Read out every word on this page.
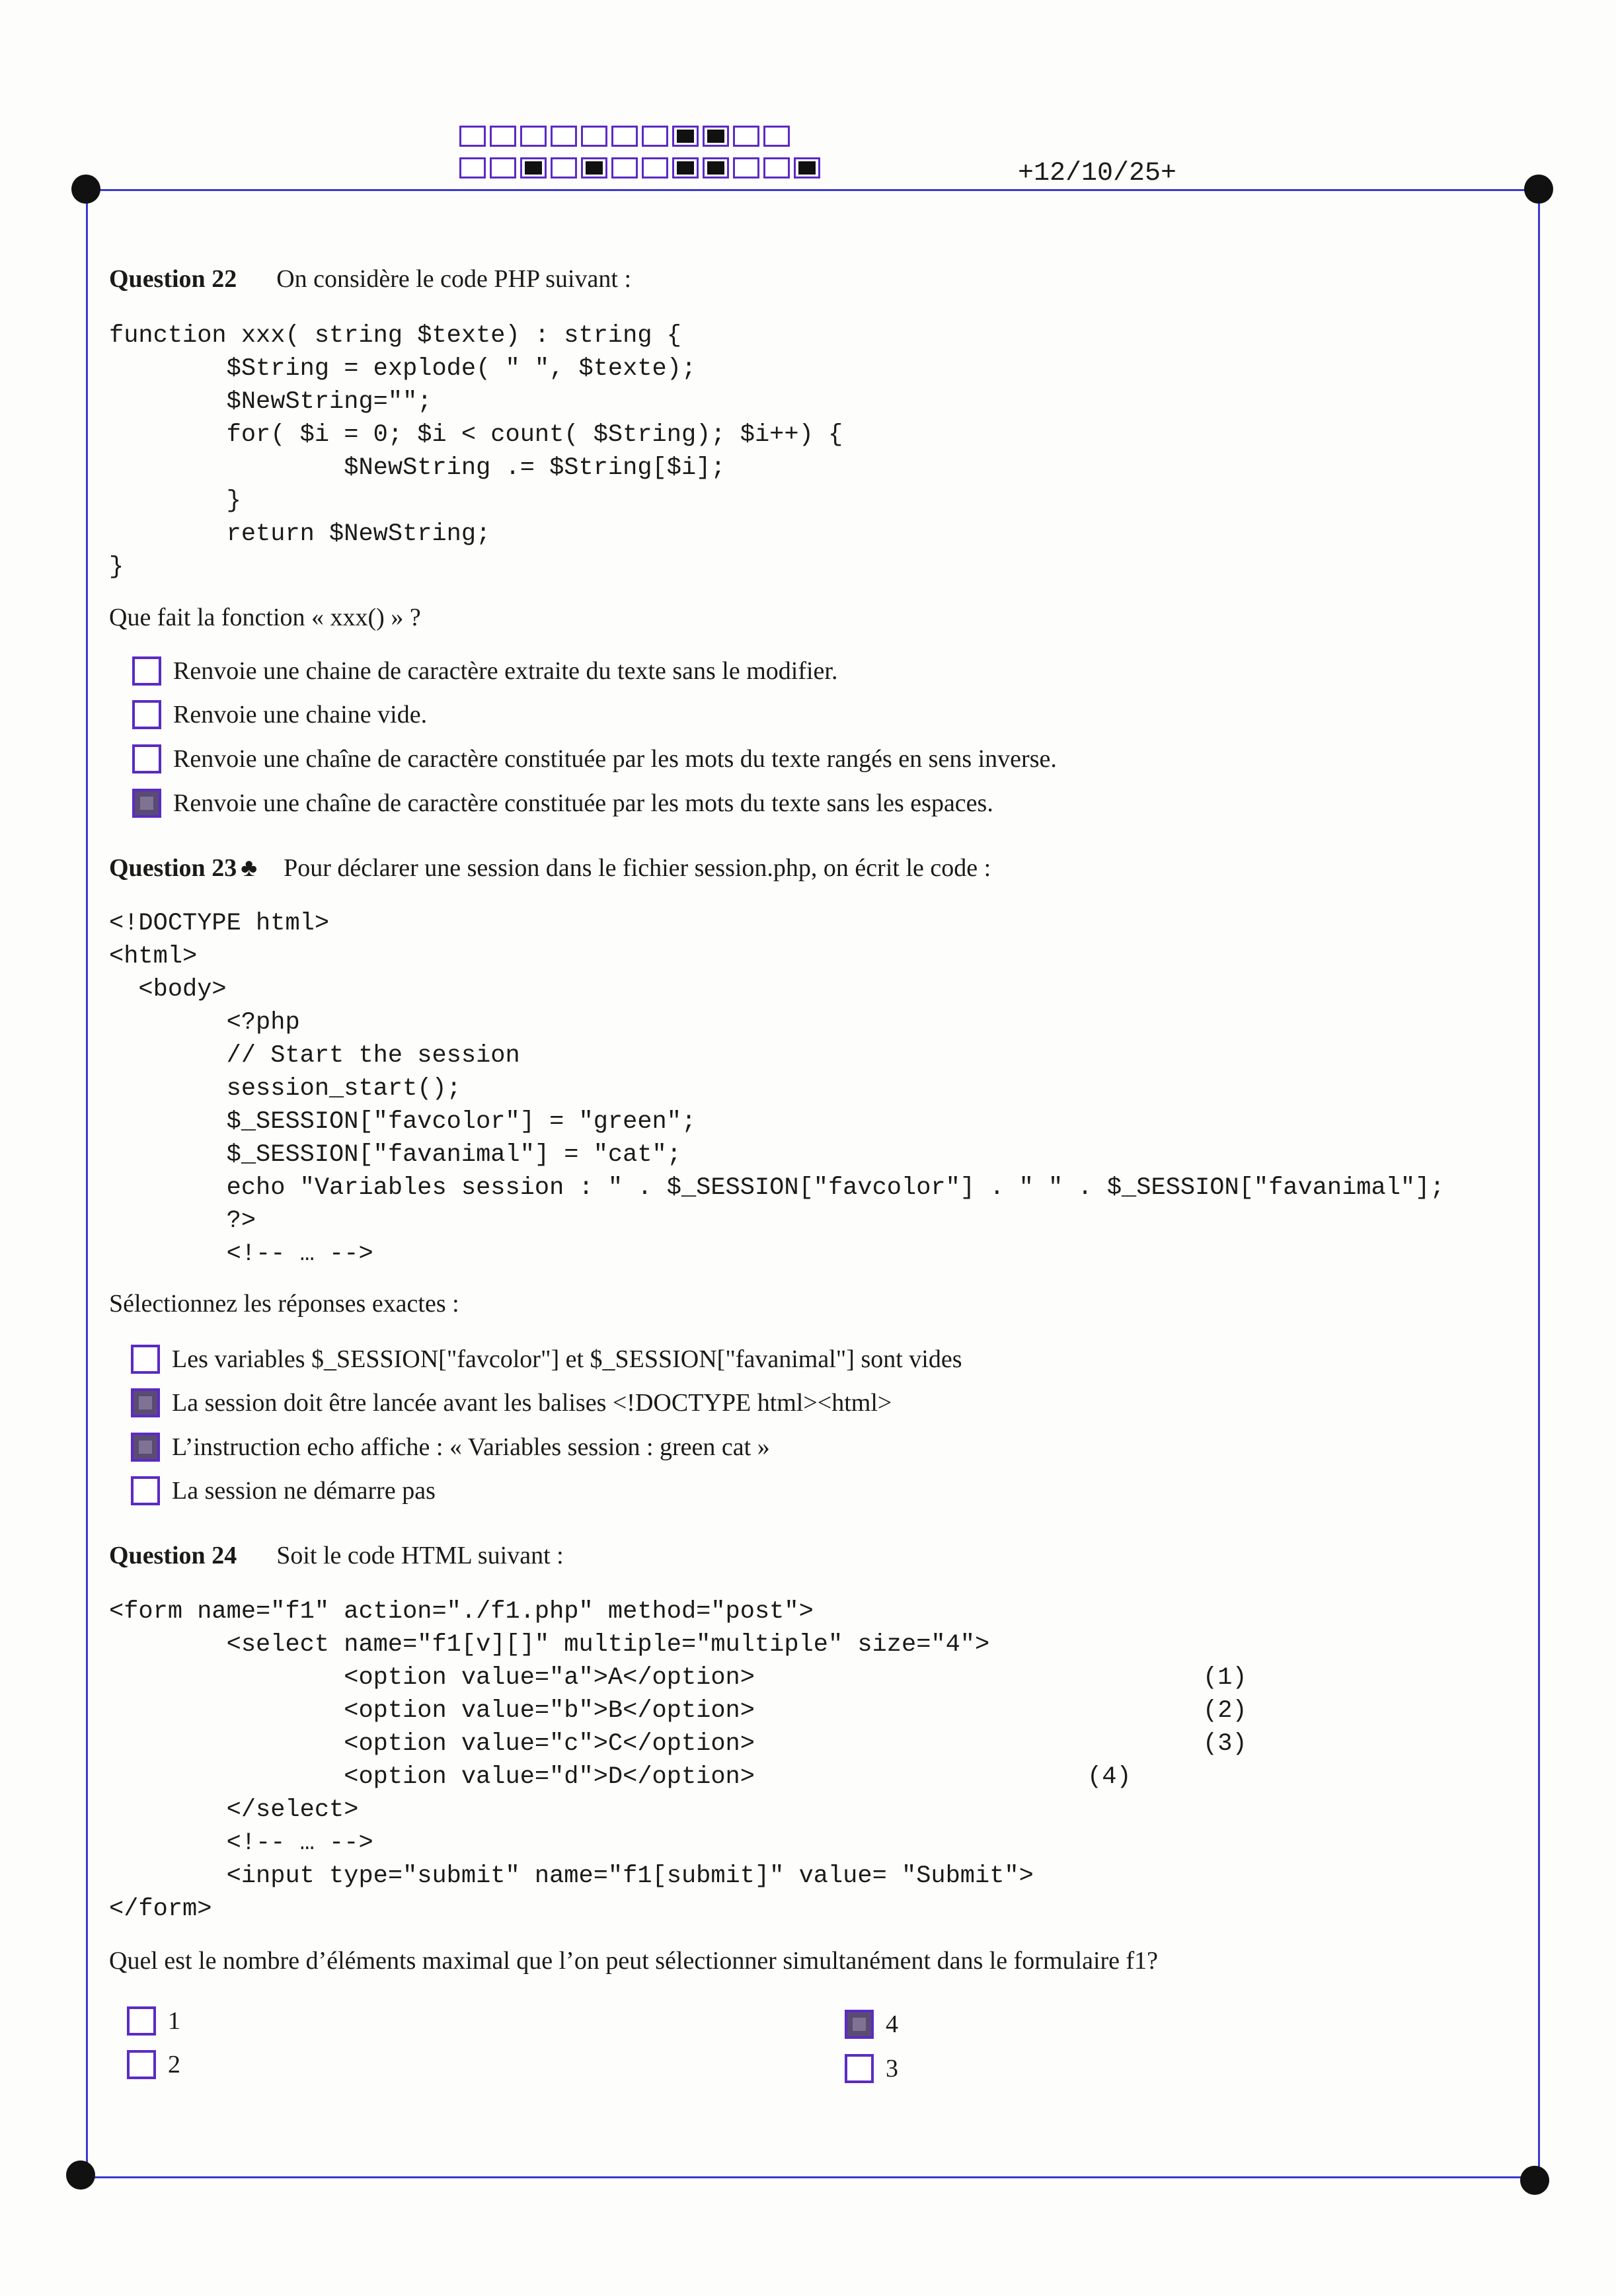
+12/10/25+
Question 22 On considère le code PHP suivant :
function xxx( string $texte) : string {
$String = explode( " ", $texte);
$NewString="";
for( $i = 0; $i < count( $String); $i++) {
$NewString .= $String[$i];
}
return $NewString;
}
Que fait la fonction « xxx() » ?
Renvoie une chaine de caractère extraite du texte sans le modifier.
Renvoie une chaine vide.
Renvoie une chaîne de caractère constituée par les mots du texte rangés en sens inverse.
Renvoie une chaîne de caractère constituée par les mots du texte sans les espaces.
Question 23 ♣ Pour déclarer une session dans le fichier session.php, on écrit le code :
<!DOCTYPE html>
<html>
<body>
<?php
// Start the session
session_start();
$_SESSION["favcolor"] = "green";
$_SESSION["favanimal"] = "cat";
echo "Variables session : " . $_SESSION["favcolor"] . " " . $_SESSION["favanimal"];
?>
<!-- … -->
Sélectionnez les réponses exactes :
Les variables $_SESSION["favcolor"] et $_SESSION["favanimal"] sont vides
La session doit être lancée avant les balises <!DOCTYPE html><html>
L’instruction echo affiche : « Variables session : green cat »
La session ne démarre pas
Question 24 Soit le code HTML suivant :
<form name="f1" action="./f1.php" method="post">
<select name="f1[v][]" multiple="multiple" size="4">
<option value="a">A</option>
<option value="b">B</option>
<option value="c">C</option>
<option value="d">D</option>
</select>
<!-- … -->
<input type="submit" name="f1[submit]" value= "Submit">
</form>
(1)
(2)
(3)
(4)
Quel est le nombre d’éléments maximal que l’on peut sélectionner simultanément dans le formulaire f1?
1
2
4
3
